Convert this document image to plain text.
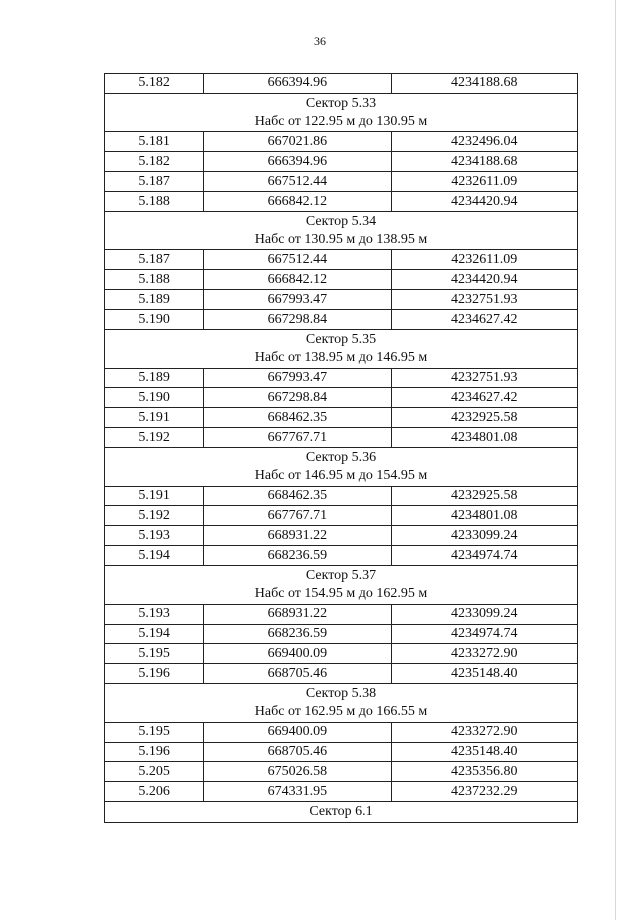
36
5.182	666394.96	4234188.68

Сектор 5.33
Набс от 122.95 м до 130.95 м		

5.181	667021.86	4232496.04
5.182	666394.96	4234188.68
5.187	667512.44	4232611.09
5.188	666842.12	4234420.94

Сектор 5.34
Набс от 130.95 м до 138.95 м		

5.187	667512.44	4232611.09
5.188	666842.12	4234420.94
5.189	667993.47	4232751.93
5.190	667298.84	4234627.42

Сектор 5.35
Набс от 138.95 м до 146.95 м		

5.189	667993.47	4232751.93
5.190	667298.84	4234627.42
5.191	668462.35	4232925.58
5.192	667767.71	4234801.08

Сектор 5.36
Набс от 146.95 м до 154.95 м		

5.191	668462.35	4232925.58
5.192	667767.71	4234801.08
5.193	668931.22	4233099.24
5.194	668236.59	4234974.74

Сектор 5.37
Набс от 154.95 м до 162.95 м		

5.193	668931.22	4233099.24
5.194	668236.59	4234974.74
5.195	669400.09	4233272.90
5.196	668705.46	4235148.40

Сектор 5.38
Набс от 162.95 м до 166.55 м		

5.195	669400.09	4233272.90
5.196	668705.46	4235148.40
5.205	675026.58	4235356.80
5.206	674331.95	4237232.29

Сектор 6.1		
